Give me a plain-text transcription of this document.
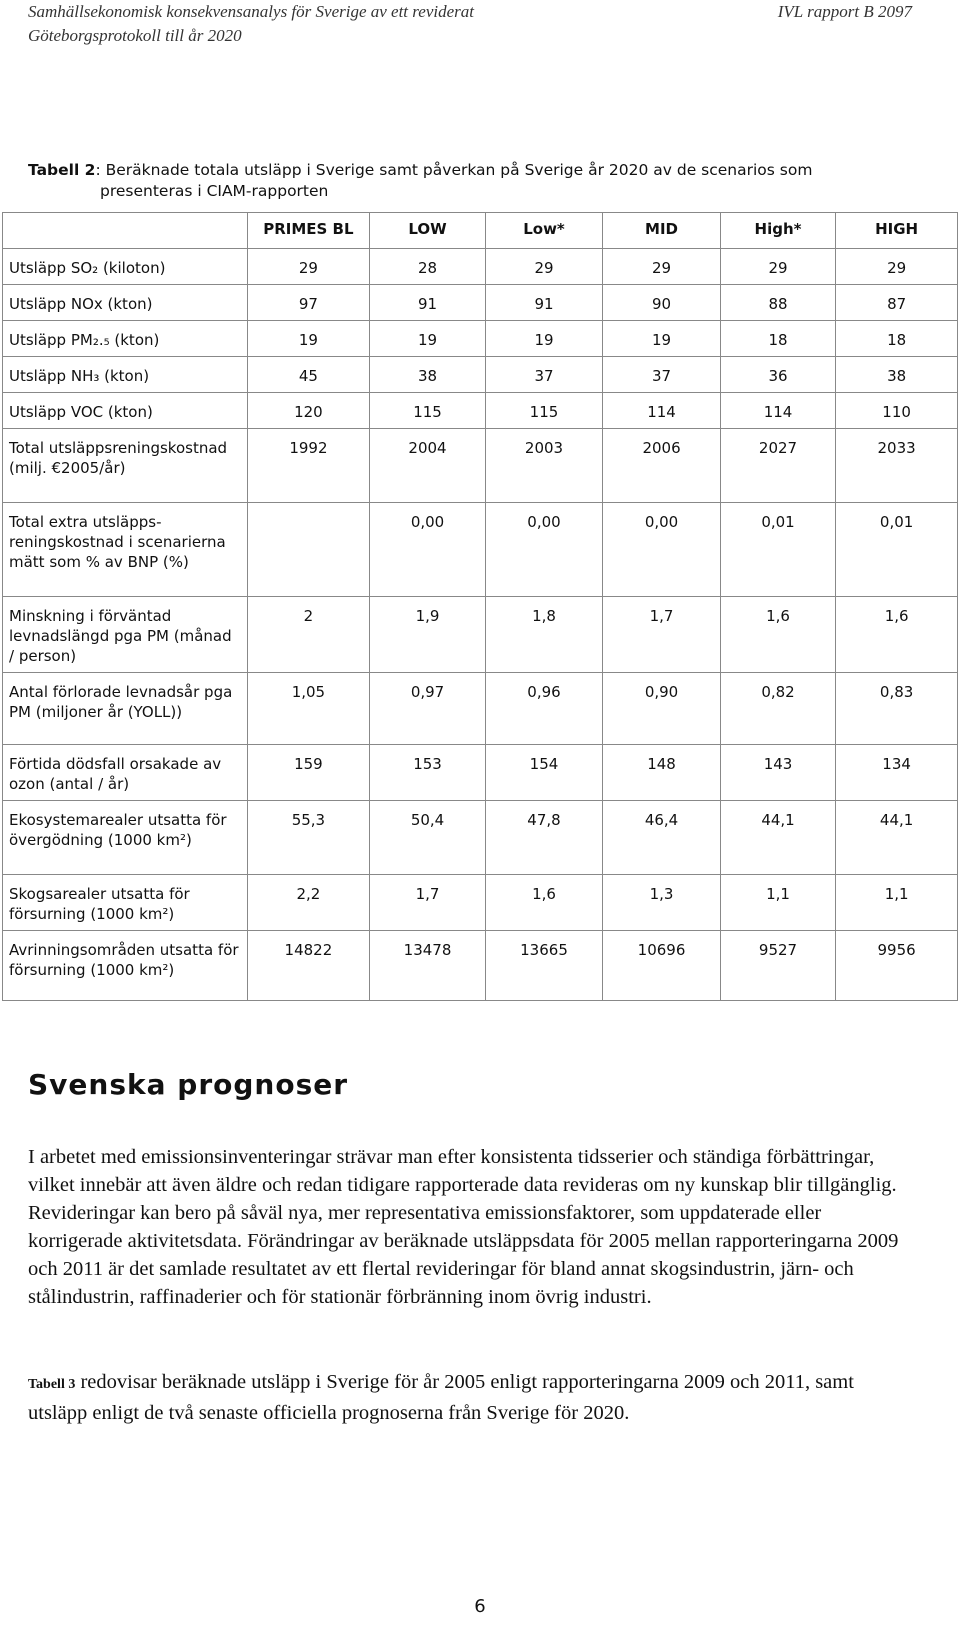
Samhällsekonomisk konsekvensanalys för Sverige av ett reviderat
Göteborgsprotokoll till år 2020
IVL rapport B 2097
Tabell 2: Beräknade totala utsläpp i Sverige samt påverkan på Sverige år 2020 av de scenarios som
presenteras i CIAM-rapporten
	PRIMES BL	LOW	Low*	MID	High*	HIGH
Utsläpp SO₂ (kiloton)	29	28	29	29	29	29
Utsläpp NOx (kton)	97	91	91	90	88	87
Utsläpp PM₂.₅ (kton)	19	19	19	19	18	18
Utsläpp NH₃ (kton)	45	38	37	37	36	38
Utsläpp VOC (kton)	120	115	115	114	114	110
Total utsläppsreningskostnad (milj. €2005/år)	1992	2004	2003	2006	2027	2033
Total extra utsläpps-reningskostnad i scenarierna mätt som % av BNP (%)		0,00	0,00	0,00	0,01	0,01
Minskning i förväntad levnadslängd pga PM (månad / person)	2	1,9	1,8	1,7	1,6	1,6
Antal förlorade levnadsår pga PM (miljoner år (YOLL))	1,05	0,97	0,96	0,90	0,82	0,83
Förtida dödsfall orsakade av ozon (antal / år)	159	153	154	148	143	134
Ekosystemarealer utsatta för övergödning (1000 km²)	55,3	50,4	47,8	46,4	44,1	44,1
Skogsarealer utsatta för försurning (1000 km²)	2,2	1,7	1,6	1,3	1,1	1,1
Avrinningsområden utsatta för försurning (1000 km²)	14822	13478	13665	10696	9527	9956
Svenska prognoser

I arbetet med emissionsinventeringar strävar man efter konsistenta tidsserier och ständiga förbättringar, vilket innebär att även äldre och redan tidigare rapporterade data revideras om ny kunskap blir tillgänglig. Revideringar kan bero på såväl nya, mer representativa emissionsfaktorer, som uppdaterade eller korrigerade aktivitetsdata. Förändringar av beräknade utsläppsdata för 2005 mellan rapporteringarna 2009 och 2011 är det samlade resultatet av ett flertal revideringar för bland annat skogsindustrin, järn- och stålindustrin, raffinaderier och för stationär förbränning inom övrig industri.

Tabell 3 redovisar beräknade utsläpp i Sverige för år 2005 enligt rapporteringarna 2009 och 2011, samt utsläpp enligt de två senaste officiella prognoserna från Sverige för 2020.

6
